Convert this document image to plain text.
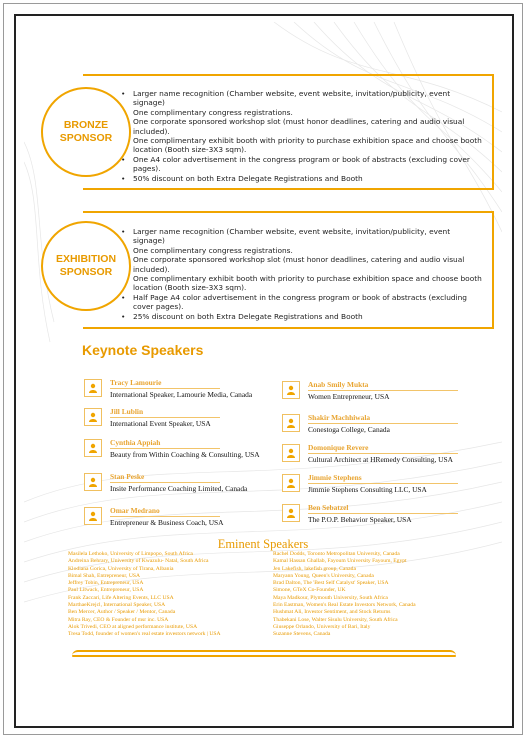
BRONZE
SPONSOR
• Larger name recognition (Chamber website, event website, invitation/publicity, event signage)
• One complimentary congress registrations.
• One corporate sponsored workshop slot (must honor deadlines, catering and audio visual included).
• One complimentary exhibit booth with priority to purchase exhibition space and choose booth location (Booth size-3X3 sqm).
• One A4 color advertisement in the congress program or book of abstracts (excluding cover pages).
• 50% discount on both Extra Delegate Registrations and Booth
EXHIBITION
SPONSOR
• Larger name recognition (Chamber website, event website, invitation/publicity, event signage)
• One complimentary congress registrations.
• One corporate sponsored workshop slot (must honor deadlines, catering and audio visual included).
• One complimentary exhibit booth with priority to purchase exhibition space and choose booth location (Booth size-3X3 sqm).
• Half Page A4 color advertisement in the congress program or book of abstracts (excluding cover pages).
• 25% discount on both Extra Delegate Registrations and Booth
Keynote Speakers
Tracy Lamourie
International Speaker, Lamourie Media, Canada
Jill Lublin
International Event Speaker, USA
Cynthia Appiah
Beauty from Within Coaching & Consulting, USA
Stan Peske
Insite Performance Coaching Limited, Canada
Omar Medrano
Entrepreneur & Business Coach, USA
Anab Smily Mukta
Women Entrepreneur, USA
Shakir Machhiwala
Conestoga College, Canada
Domonique Revere
Cultural Architect at HRemedy Consulting, USA
Jimmie Stephens
Jimmie Stephens Consulting LLC, USA
Ben Sebatzel
The P.O.P. Behavior Speaker, USA
Eminent Speakers
Masilela Lethoko, University of Limpopo, South Africa
Andreina Behrary, University of Kwazulu- Natal, South Africa
Klodiana Gorica, University of Tirana, Albania
Bimal Shah, Entrepreneur, USA
Jeffrey Tobin, Entrepreneur, USA
Paul Litwack, Entrepreneur, USA
Frank Zaccari, Life Altering Events, LLC USA
MarthaeKrejcl, International Speaker, USA
Ben Mercer, Author / Speaker / Mentor, Canada
Mitra Ray, CEO & Founder of msr inc. USA
Alok Trivedi, CEO at aligned performance institute, USA
Tresa Todd, founder of women's real estate investors network | USA
Rachel Dodds, Toronto Metropolitan University, Canada
Kamal Hassan Ghallab, Fayoum University Fayoum, Egypt
Jen Lakefish, lakefish group, Canada
Maryann Young, Queen's University, Canada
Brad Dalton, The 'Best Self Catalyst' Speaker, USA
Simone, GTeX Co-Founder, UK
Maya Madkour, Plymouth University, South Africa
Erin Eastman, Women's Real Estate Investors Network, Canada
Hushmat Ali, Investor Sentiment, and Stock Returns
Thabekani Lose, Walter Sisulu University, South Africa
Giuseppe Orlando, University of Bari, Italy
Suzanne Stevens, Canada
